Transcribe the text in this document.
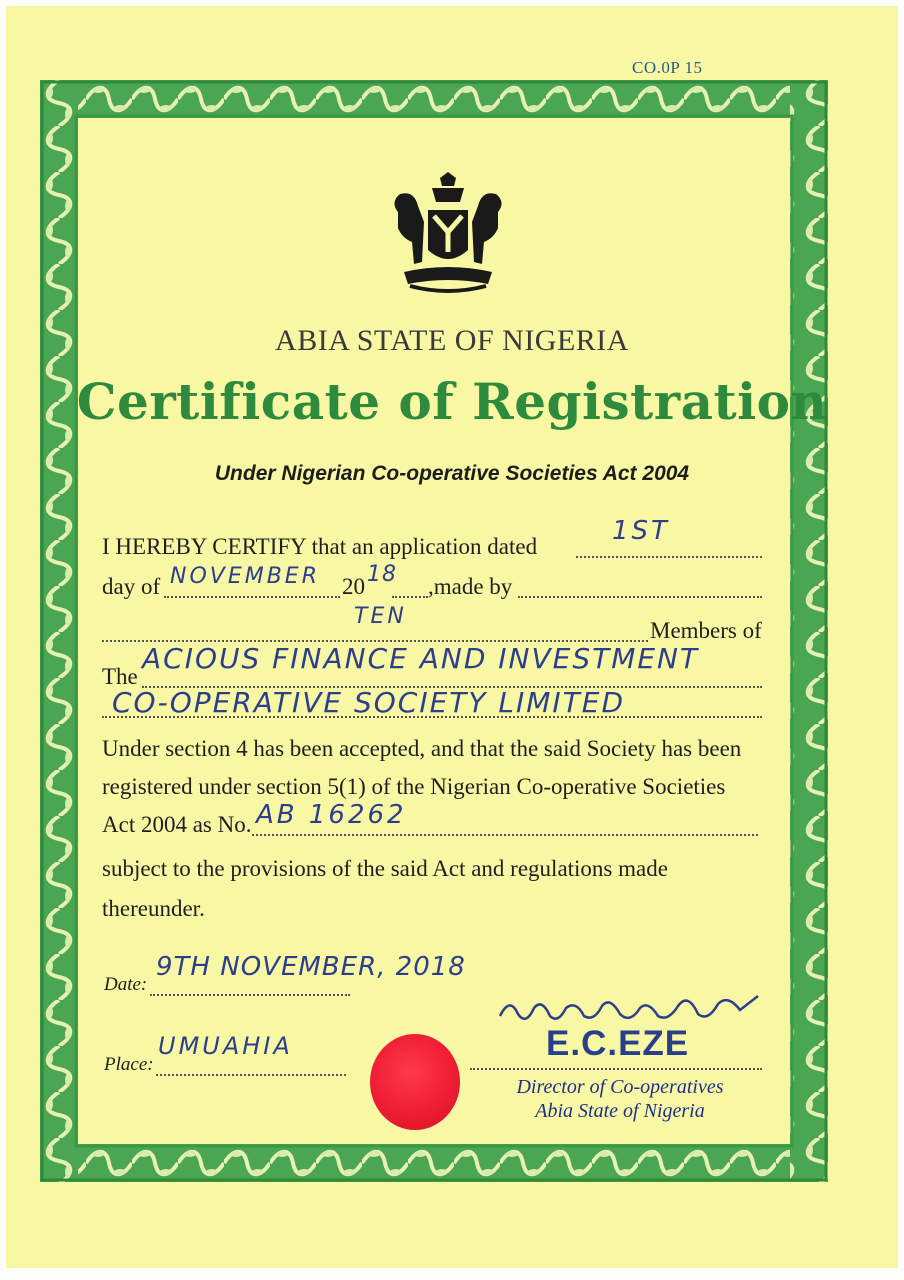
CO.0P 15
ABIA STATE OF NIGERIA
Certificate of Registration
Under Nigerian Co-operative Societies Act 2004
I HEREBY CERTIFY that an application dated
1ST
day of NOVEMBER 20 18 ,made by
TEN
Members of
The
ACIOUS FINANCE AND INVESTMENT
CO-OPERATIVE SOCIETY LIMITED
Under section 4 has been accepted, and that the said Society has been
registered under section 5(1) of the Nigerian Co-operative Societies
Act 2004 as No. AB 16262
subject to the provisions of the said Act and regulations made
thereunder.
Date:
9TH NOVEMBER, 2018
Place:
UMUAHIA	E.C.EZE
Director of Co-operatives
Abia State of Nigeria
